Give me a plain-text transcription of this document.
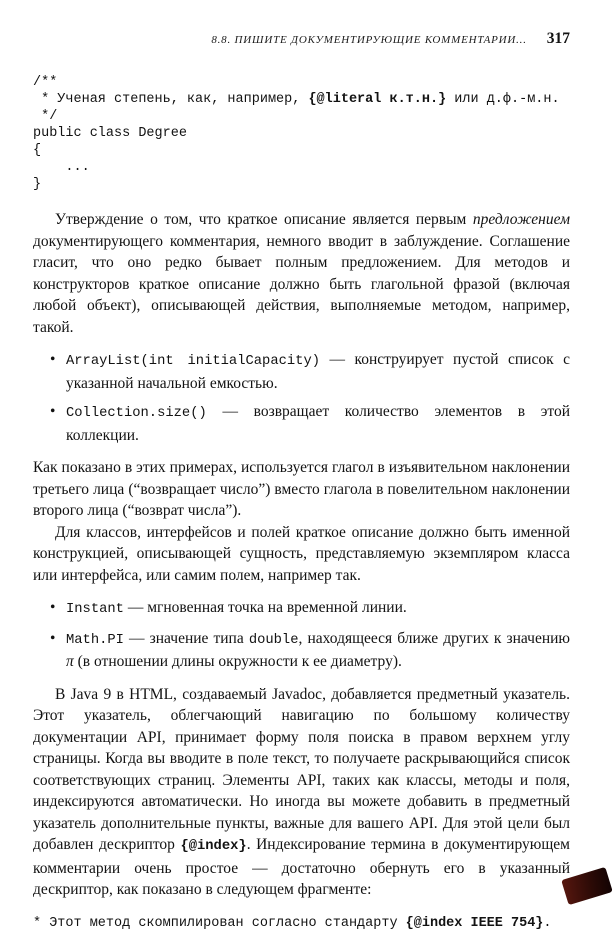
8.8. ПИШИТЕ ДОКУМЕНТИРУЮЩИЕ КОММЕНТАРИИ... 317
/**
* Ученая степень, как, например, {@literal к.т.н.} или д.ф.-м.н.
*/
public class Degree
{
...
}

Утверждение о том, что краткое описание является первым предложением документирующего комментария, немного вводит в заблуждение. Соглашение гласит, что оно редко бывает полным предложением. Для методов и конструкторов краткое описание должно быть глагольной фразой (включая любой объект), описывающей действия, выполняемые методом, например, такой.

• ArrayList(int initialCapacity) — конструирует пустой список с указанной начальной емкостью.
• Collection.size() — возвращает количество элементов в этой коллекции.

Как показано в этих примерах, используется глагол в изъявительном наклонении третьего лица (“возвращает число”) вместо глагола в повелительном наклонении второго лица (“возврат числа”).

Для классов, интерфейсов и полей краткое описание должно быть именной конструкцией, описывающей сущность, представляемую экземпляром класса или интерфейса, или самим полем, например так.

• Instant — мгновенная точка на временной линии.
• Math.PI — значение типа double, находящееся ближе других к значению π (в отношении длины окружности к ее диаметру).

В Java 9 в HTML, создаваемый Javadoc, добавляется предметный указатель. Этот указатель, облегчающий навигацию по большому количеству документации API, принимает форму поля поиска в правом верхнем углу страницы. Когда вы вводите в поле текст, то получаете раскрывающийся список соответствующих страниц. Элементы API, таких как классы, методы и поля, индексируются автоматически. Но иногда вы можете добавить в предметный указатель дополнительные пункты, важные для вашего API. Для этой цели был добавлен дескриптор {@index}. Индексирование термина в документирующем комментарии очень простое — достаточно обернуть его в указанный дескриптор, как показано в следующем фрагменте:

* Этот метод скомпилирован согласно стандарту {@index IEEE 754}.
